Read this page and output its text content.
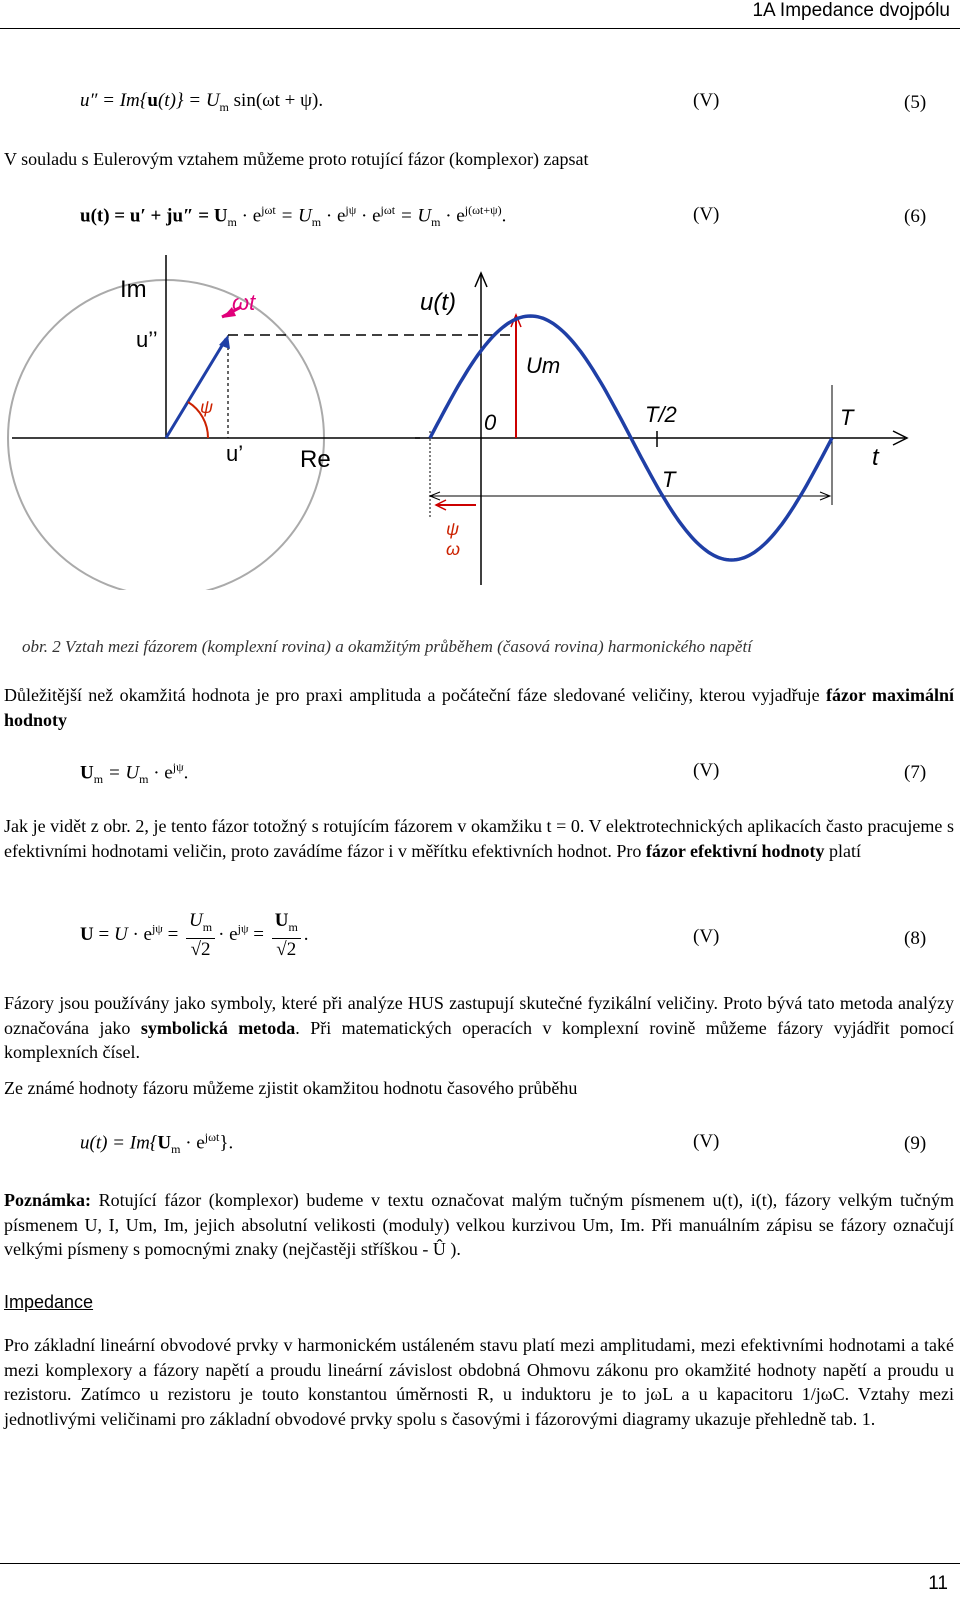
1A Impedance dvojpólu
$u'' = Im\{u(t)\} = U_m$ sin(ωt + ψ).	(V)	(5)
V souladu s Eulerovým vztahem můžeme proto rotující fázor (komplexor) zapsat
$u(t) = u' + ju'' = U_m \cdot e^{j\omega t} = U_m \cdot e^{j\psi} \cdot e^{j\omega t} = U_m \cdot e^{j(\omega t+\psi)}$.	(V)	(6)
Im
Re
u’’
u’
ψ
ωt	u(t)
t
0
Um
T/2	T
T
ψ
ω
obr. 2 Vztah mezi fázorem (komplexní rovina) a okamžitým průběhem (časová rovina) harmonického napětí
Důležitější než okamžitá hodnota je pro praxi amplituda a počáteční fáze sledované veličiny, kterou vyjadřuje fázor maximální hodnoty
$U_m = U_m \cdot e^{j\psi}$.	(V)	(7)
Jak je vidět z obr. 2, je tento fázor totožný s rotujícím fázorem v okamžiku t = 0. V elektrotechnických aplikacích často pracujeme s efektivními hodnotami veličin, proto zavádíme fázor i v měřítku efektivních hodnot. Pro fázor efektivní hodnoty platí
$U = U \cdot e^{j\psi} = \frac{U_m}{√2} \cdot e^{j\psi} = \frac{U_m}{√2}$ .	(V)	(8)
Fázory jsou používány jako symboly, které při analýze HUS zastupují skutečné fyzikální veličiny. Proto bývá tato metoda analýzy označována jako symbolická metoda. Při matematických operacích v komplexní rovině můžeme fázory vyjádřit pomocí komplexních čísel.
Ze známé hodnoty fázoru můžeme zjistit okamžitou hodnotu časového průběhu
$u(t) = Im\{U_m \cdot e^{j\omega t}\}$.	(V)	(9)
Poznámka: Rotující fázor (komplexor) budeme v textu označovat malým tučným písmenem u(t), i(t), fázory velkým tučným písmenem U, I, Um, Im, jejich absolutní velikosti (moduly) velkou kurzivou Um, Im. Při manuálním zápisu se fázory označují velkými písmeny s pomocnými znaky (nejčastěji stříškou - Û ).
Impedance
Pro základní lineární obvodové prvky v harmonickém ustáleném stavu platí mezi amplitudami, mezi efektivními hodnotami a také mezi komplexory a fázory napětí a proudu lineární závislost obdobná Ohmovu zákonu pro okamžité hodnoty napětí a proudu u rezistoru. Zatímco u rezistoru je touto konstantou úměrnosti R, u induktoru je to jωL a u kapacitoru 1/jωC. Vztahy mezi jednotlivými veličinami pro základní obvodové prvky spolu s časovými i fázorovými diagramy ukazuje přehledně tab. 1.
11
